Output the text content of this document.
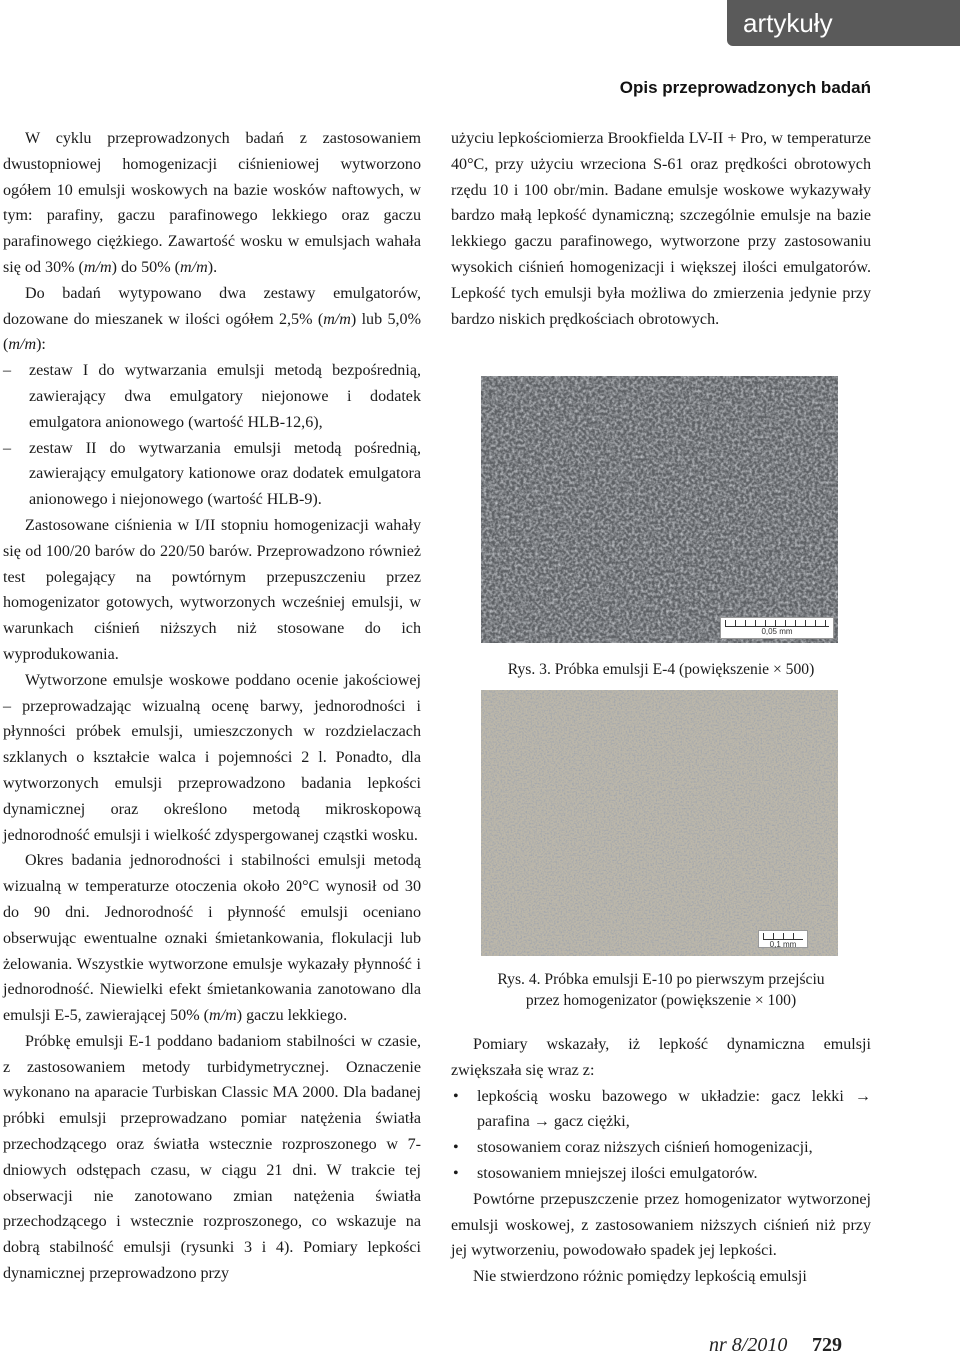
artykuły
Opis przeprowadzonych badań

W cyklu przeprowadzonych badań z zastosowaniem dwustopniowej homogenizacji ciśnieniowej wytworzono ogółem 10 emulsji woskowych na bazie wosków naftowych, w tym: parafiny, gaczu parafinowego lekkiego oraz gaczu parafinowego ciężkiego. Zawartość wosku w emulsjach wahała się od 30% (m/m) do 50% (m/m).

Do badań wytypowano dwa zestawy emulgatorów, dozowane do mieszanek w ilości ogółem 2,5% (m/m) lub 5,0% (m/m):

– zestaw I do wytwarzania emulsji metodą bezpośrednią, zawierający dwa emulgatory niejonowe i dodatek emulgatora anionowego (wartość HLB-12,6),
– zestaw II do wytwarzania emulsji metodą pośrednią, zawierający emulgatory kationowe oraz dodatek emulgatora anionowego i niejonowego (wartość HLB-9).

Zastosowane ciśnienia w I/II stopniu homogenizacji wahały się od 100/20 barów do 220/50 barów. Przeprowadzono również test polegający na powtórnym przepuszczeniu przez homogenizator gotowych, wytworzonych wcześniej emulsji, w warunkach ciśnień niższych niż stosowane do ich wyprodukowania.

Wytworzone emulsje woskowe poddano ocenie jakościowej – przeprowadzając wizualną ocenę barwy, jednorodności i płynności próbek emulsji, umieszczonych w rozdzielaczach szklanych o kształcie walca i pojemności 2 l. Ponadto, dla wytworzonych emulsji przeprowadzono badania lepkości dynamicznej oraz określono metodą mikroskopową jednorodność emulsji i wielkość zdyspergowanej cząstki wosku.

Okres badania jednorodności i stabilności emulsji metodą wizualną w temperaturze otoczenia około 20°C wynosił od 30 do 90 dni. Jednorodność i płynność emulsji oceniano obserwując ewentualne oznaki śmietankowania, flokulacji lub żelowania. Wszystkie wytworzone emulsje wykazały płynność i jednorodność. Niewielki efekt śmietankowania zanotowano dla emulsji E-5, zawierającej 50% (m/m) gaczu lekkiego.

Próbkę emulsji E-1 poddano badaniom stabilności w czasie, z zastosowaniem metody turbidymetrycznej. Oznaczenie wykonano na aparacie Turbiskan Classic MA 2000. Dla badanej próbki emulsji przeprowadzano pomiar natężenia światła przechodzącego oraz światła wstecznie rozproszonego w 7-dniowych odstępach czasu, w ciągu 21 dni. W trakcie tej obserwacji nie zanotowano zmian natężenia światła przechodzącego i wstecznie rozproszonego, co wskazuje na dobrą stabilność emulsji (rysunki 3 i 4). Pomiary lepkości dynamicznej przeprowadzono przy

użyciu lepkościomierza Brookfielda LV-II + Pro, w temperaturze 40°C, przy użyciu wrzeciona S-61 oraz prędkości obrotowych rzędu 10 i 100 obr/min. Badane emulsje woskowe wykazywały bardzo małą lepkość dynamiczną; szczególnie emulsje na bazie lekkiego gaczu parafinowego, wytworzone przy zastosowaniu wysokich ciśnień homogenizacji i większej ilości emulgatorów. Lepkość tych emulsji była możliwa do zmierzenia jedynie przy bardzo niskich prędkościach obrotowych.

0,05 mm
Rys. 3. Próbka emulsji E-4 (powiększenie × 500)
0,1 mm
Rys. 4. Próbka emulsji E-10 po pierwszym przejściu
przez homogenizator (powiększenie × 100)

Pomiary wskazały, iż lepkość dynamiczna emulsji zwiększała się wraz z:

• lepkością wosku bazowego w układzie: gacz lekki → parafina → gacz ciężki,
• stosowaniem coraz niższych ciśnień homogenizacji,
• stosowaniem mniejszej ilości emulgatorów.

Powtórne przepuszczenie przez homogenizator wytworzonej emulsji woskowej, z zastosowaniem niższych ciśnień niż przy jej wytworzeniu, powodowało spadek jej lepkości.

Nie stwierdzono różnic pomiędzy lepkością emulsji

nr 8/2010 729
